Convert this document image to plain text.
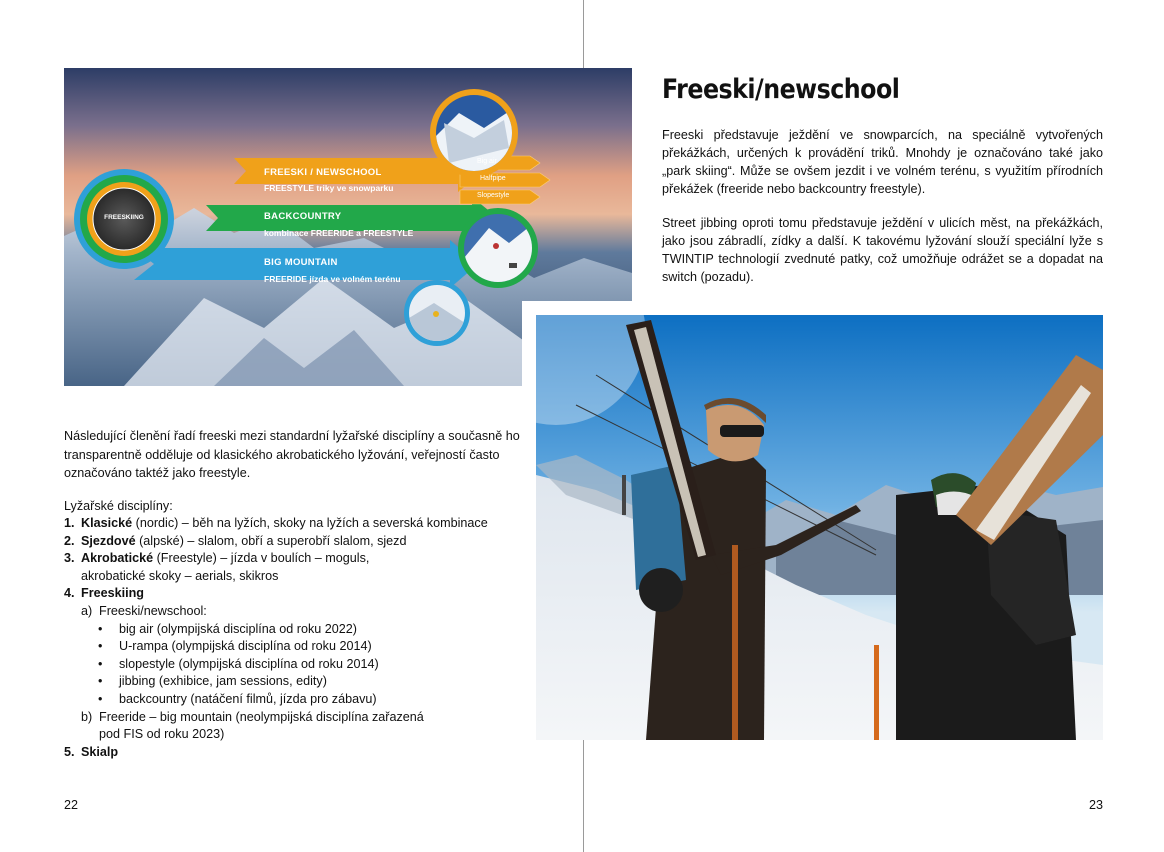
FREESKIING
FREESKI / NEWSCHOOL
FREESTYLE triky ve snowparku
BACKCOUNTRY
kombinace FREERIDE a FREESTYLE
BIG MOUNTAIN
FREERIDE jízda ve volném terénu
Big air
Halfpipe
Slopestyle
Freeski/newschool

Freeski představuje ježdění ve snowparcích, na speciálně vytvořených překážkách, určených k provádění triků. Mnohdy je označováno také jako „park skiing“. Může se ovšem jezdit i ve volném terénu, s využitím přírodních překážek (freeride nebo backcountry freestyle).

Street jibbing oproti tomu představuje ježdění v ulicích měst, na překážkách, jako jsou zábradlí, zídky a další. K takovému lyžování slouží speciální lyže s TWINTIP technologií zvednuté patky, což umožňuje odrážet se a dopadat na switch (pozadu).

Následující členění řadí freeski mezi standardní lyžařské disciplíny a současně ho transparentně odděluje od klasického akrobatického lyžování, veřejností často označováno taktéž jako freestyle.

Lyžařské disciplíny:

1. Klasické (nordic) – běh na lyžích, skoky na lyžích a severská kombinace
2. Sjezdové (alpské) – slalom, obří a superobří slalom, sjezd
3. Akrobatické (Freestyle) – jízda v boulích – moguls,
akrobatické skoky – aerials, skikros
4. Freeskiing
a) Freeski/newschool:
• big air (olympijská disciplína od roku 2022)
• U-rampa (olympijská disciplína od roku 2014)
• slopestyle (olympijská disciplína od roku 2014)
• jibbing (exhibice, jam sessions, edity)
• backcountry (natáčení filmů, jízda pro zábavu)
b) Freeride – big mountain (neolympijská disciplína zařazená
pod FIS od roku 2023)
5. Skialp

22	23
